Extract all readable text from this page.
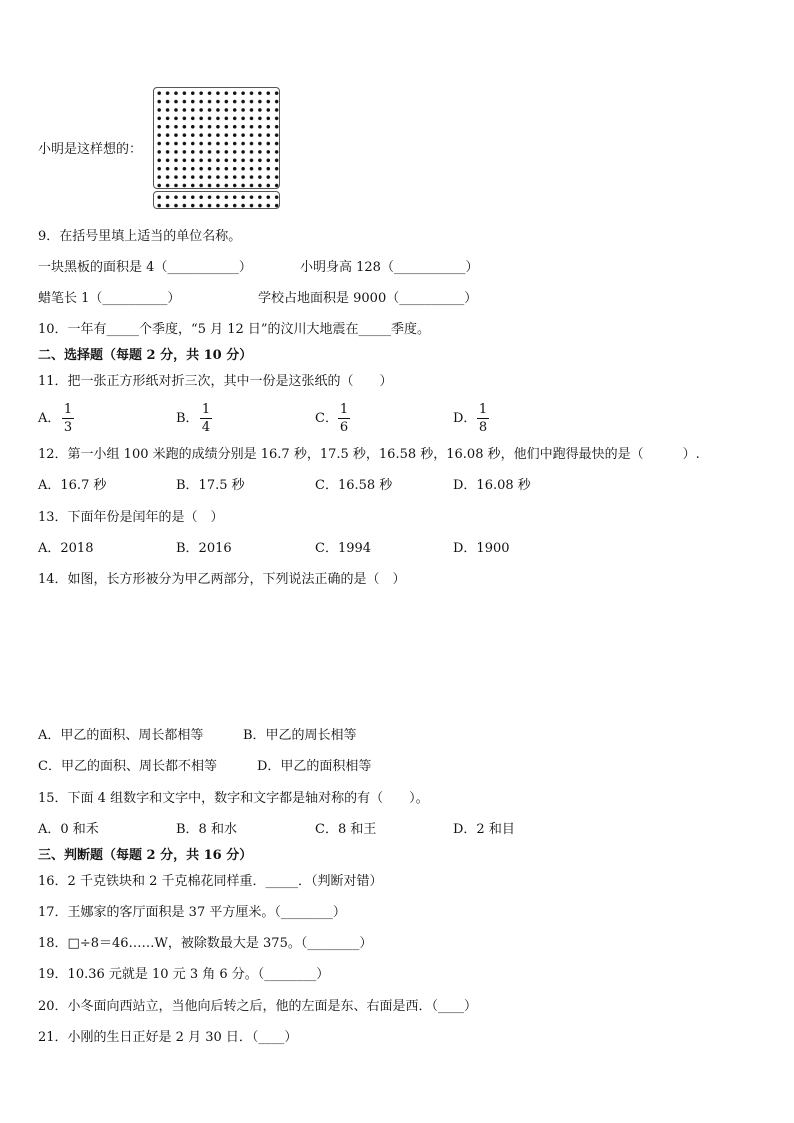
小明是这样想的：
9．在括号里填上适当的单位名称。
一块黑板的面积是 4（___________）	小明身高 128（___________）
蜡笔长 1（__________）	学校占地面积是 9000（__________）
10．一年有_____个季度，“5 月 12 日”的汶川大地震在_____季度。
二、选择题（每题 2 分，共 10 分）
11．把一张正方形纸对折三次，其中一份是这张纸的（　　）
A．
1
3
B．
1
4
C．
1
6
D．
1
8
12．第一小组 100 米跑的成绩分别是 16.7 秒，17.5 秒，16.58 秒，16.08 秒，他们中跑得最快的是（　　　）.
A．16.7 秒	B．17.5 秒	C．16.58 秒	D．16.08 秒
13．下面年份是闰年的是（　）
A．2018	B．2016	C．1994	D．1900
14．如图，长方形被分为甲乙两部分，下列说法正确的是（　）
A．甲乙的面积、周长都相等	B．甲乙的周长相等
C．甲乙的面积、周长都不相等	D．甲乙的面积相等
15．下面 4 组数字和文字中，数字和文字都是轴对称的有（　　）。
A．0 和禾	B．8 和水	C．8 和王	D．2 和目
三、判断题（每题 2 分，共 16 分）
16．2 千克铁块和 2 千克棉花同样重．_____．（判断对错）
17．王娜家的客厅面积是 37 平方厘米。（________）
18．□÷8＝46……W，被除数最大是 375。（________）
19．10.36 元就是 10 元 3 角 6 分。（________）
20．小冬面向西站立，当他向后转之后，他的左面是东、右面是西．（____）
21．小刚的生日正好是 2 月 30 日．（____）
